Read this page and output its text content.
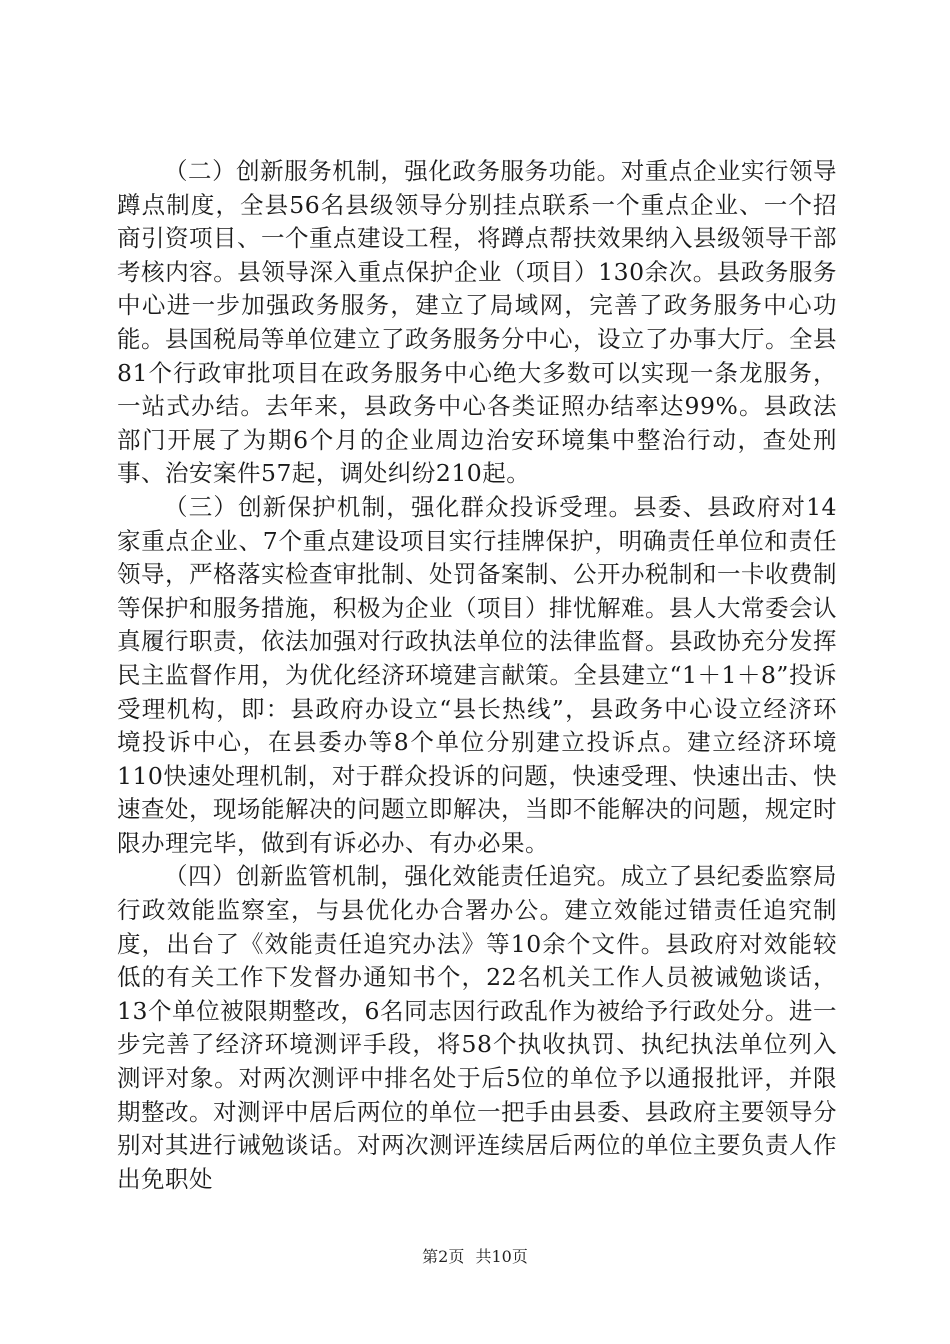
（二）创新服务机制，强化政务服务功能。对重点企业实行领导蹲点制度，全县56名县级领导分别挂点联系一个重点企业、一个招商引资项目、一个重点建设工程，将蹲点帮扶效果纳入县级领导干部考核内容。县领导深入重点保护企业（项目）130余次。县政务服务中心进一步加强政务服务，建立了局域网，完善了政务服务中心功能。县国税局等单位建立了政务服务分中心，设立了办事大厅。全县81个行政审批项目在政务服务中心绝大多数可以实现一条龙服务，一站式办结。去年来，县政务中心各类证照办结率达99%。县政法部门开展了为期6个月的企业周边治安环境集中整治行动，查处刑事、治安案件57起，调处纠纷210起。

（三）创新保护机制，强化群众投诉受理。县委、县政府对14家重点企业、7个重点建设项目实行挂牌保护，明确责任单位和责任领导，严格落实检查审批制、处罚备案制、公开办税制和一卡收费制等保护和服务措施，积极为企业（项目）排忧解难。县人大常委会认真履行职责，依法加强对行政执法单位的法律监督。县政协充分发挥民主监督作用，为优化经济环境建言献策。全县建立“1＋1＋8”投诉受理机构，即：县政府办设立“县长热线”，县政务中心设立经济环境投诉中心，在县委办等8个单位分别建立投诉点。建立经济环境110快速处理机制，对于群众投诉的问题，快速受理、快速出击、快速查处，现场能解决的问题立即解决，当即不能解决的问题，规定时限办理完毕，做到有诉必办、有办必果。

（四）创新监管机制，强化效能责任追究。成立了县纪委监察局行政效能监察室，与县优化办合署办公。建立效能过错责任追究制度，出台了《效能责任追究办法》等10余个文件。县政府对效能较低的有关工作下发督办通知书个，22名机关工作人员被诫勉谈话，13个单位被限期整改，6名同志因行政乱作为被给予行政处分。进一步完善了经济环境测评手段，将58个执收执罚、执纪执法单位列入测评对象。对两次测评中排名处于后5位的单位予以通报批评，并限期整改。对测评中居后两位的单位一把手由县委、县政府主要领导分别对其进行诫勉谈话。对两次测评连续居后两位的单位主要负责人作出免职处

第2页 共10页
